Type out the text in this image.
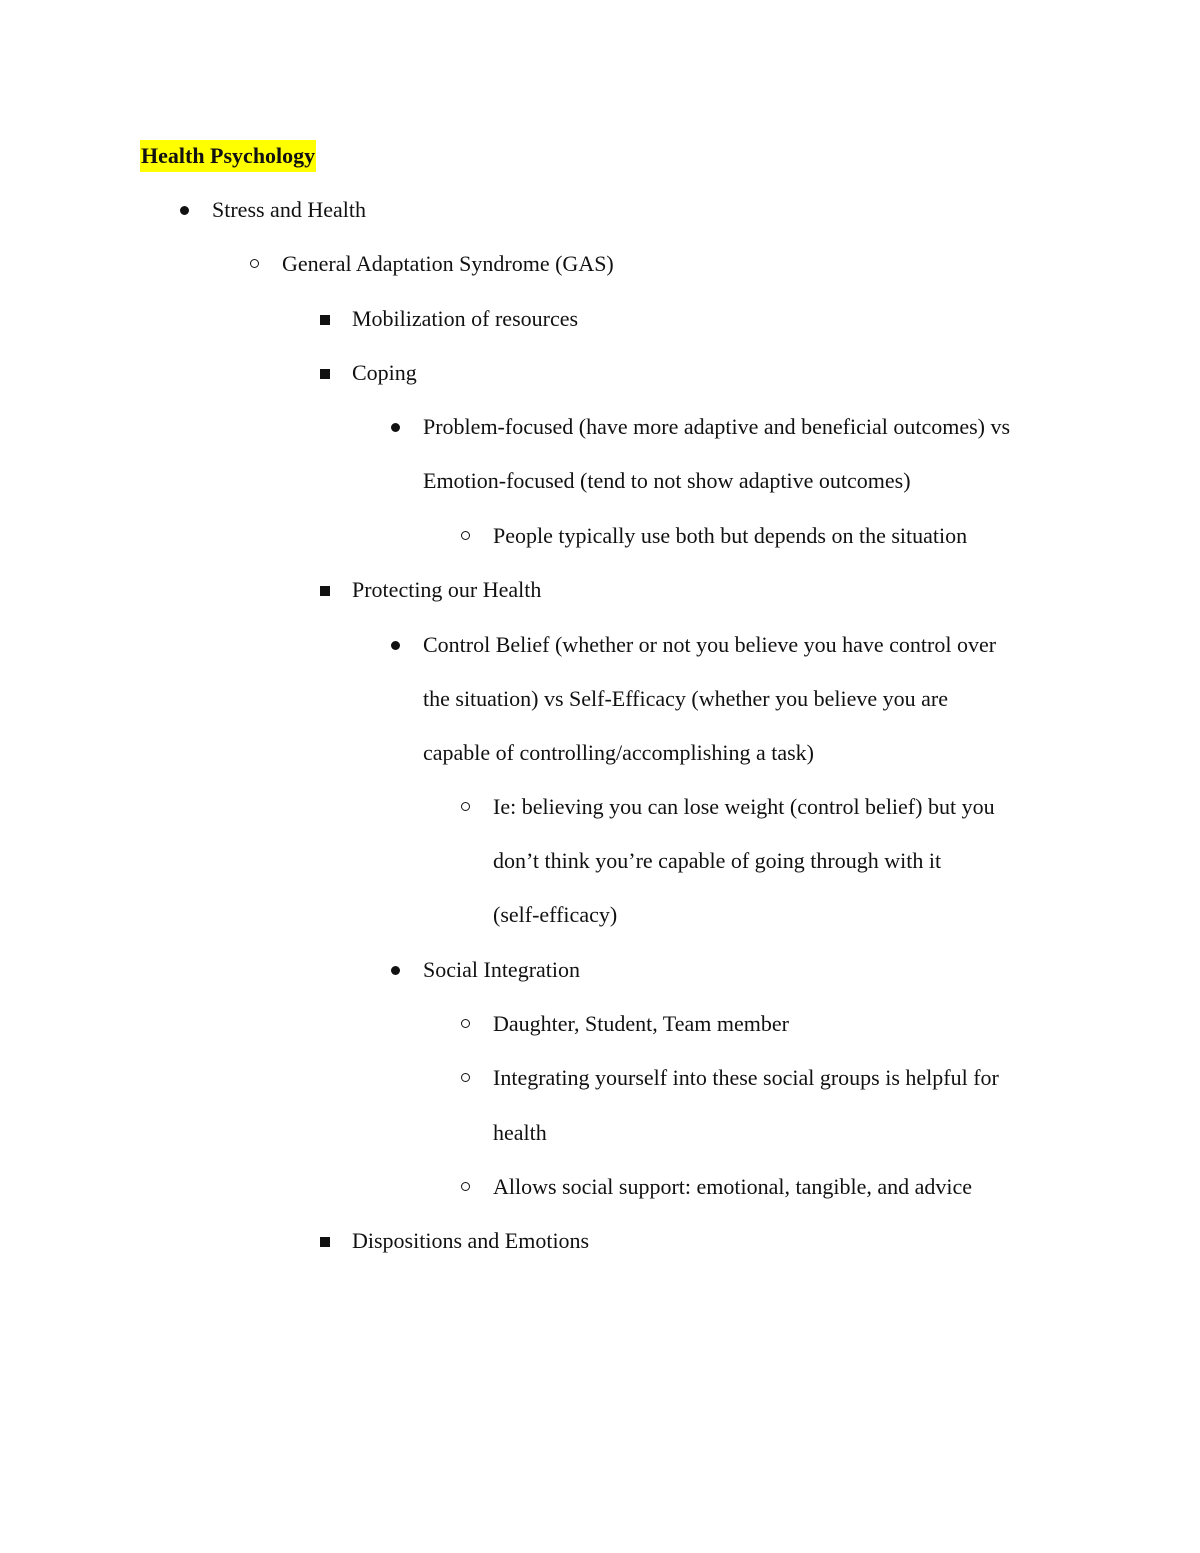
Health Psychology
Stress and Health
General Adaptation Syndrome (GAS)
Mobilization of resources
Coping
Problem-focused (have more adaptive and beneficial outcomes) vs
Emotion-focused (tend to not show adaptive outcomes)
People typically use both but depends on the situation
Protecting our Health
Control Belief (whether or not you believe you have control over
the situation) vs Self-Efficacy (whether you believe you are
capable of controlling/accomplishing a task)
Ie: believing you can lose weight (control belief) but you
don’t think you’re capable of going through with it
(self-efficacy)
Social Integration
Daughter, Student, Team member
Integrating yourself into these social groups is helpful for
health
Allows social support: emotional, tangible, and advice
Dispositions and Emotions
